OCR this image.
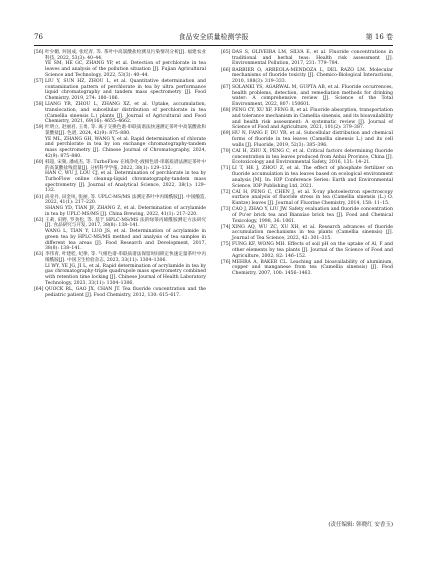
76	食品安全质量检测学报	第 16 卷
[56] 叶少媚, 何国成, 张纪青, 等. 茶叶中高氯酸盐检测及污染情况分析[J]. 福建农业科技, 2022, 53(3): 40–44.
YE SM, HE GC, ZHANG YP, et al. Detection of perchlorate in tea leaves and analysis of the pollution situation [J]. Fujian Agricultural Science and Technology, 2022, 53(3): 40–44.
[57] LIU Y, SUN HZ, ZHOU L, et al. Quantitative determination and contamination pattern of perchlorate in tea by ultra performance liquid chromatography and tandem mass spectrometry [J]. Food Chemistry, 2019, 274: 180–186.
[58] LIANG YR, ZHOU L, ZHANG XZ, et al. Uptake, accumulation, translocation, and subcellular distribution of perchlorate in tea (Camellia sinensis L.) plants [J]. Journal of Agricultural and Food Chemistry, 2021, 69(16): 4655–4662.
[59] 叶明立, 赵丽君, 王勇, 等. 离子交换色谱-串联质谱法快速测定茶叶中高氯酸盐和氯酸盐[J]. 色谱, 2024, 42(9): 875–880.
YE ML, ZHANG GH, WANG Y, et al. Rapid determination of chlorate and perchlorate in tea by ion exchange chromatography-tandem mass spectrometry [J]. Chinese Journal of Chromatography, 2024, 42(9): 875–880.
[60] 韩超, 宋频, 潘成杰, 等. TurboFlow 在线净化-液相色谱-串联质谱法测定茶叶中的高氯酸盐残留量[J]. 分析科学学报, 2022, 38(1): 129–132.
HAN C, WU J, LOU CJ, et al. Determination of perchlorate in tea by TurboFlow online cleanup-liquid chromatography-tandem mass spectrometry [J]. Journal of Analytical Science, 2022, 38(1): 129–132.
[61] 尚亚丹, 田金凤, 张丽, 等. UPLC-MS/MS 法测定茶叶中丙烯酰胺[J]. 中国酿造, 2022, 41(1): 217–220.
SHANG YD, TIAN JF, ZHANG Z, et al. Determination of acrylamide in tea by UPLC-MS/MS [J]. China Brewing, 2022, 41(1): 217–220.
[62] 王莉, 田野, 罗劲松, 等. 基于 HPLC-MS/MS 法的绿茶丙烯酰胺测定方法研究[J]. 食品研究与开发, 2017, 38(8): 138–141.
WANG L, TIAN Y, LUO JS, et al. Determination of acrylamide in green tea by HPLC-MS/MS method and analysis of tea samples in different tea areas [J]. Food Research and Development, 2017, 38(8): 138–141.
[63] 李伟青, 叶建桂, 纪律, 等. 气相色谱-串联质谱法保留时间锁定快速定量茶叶中丙烯酰胺[J]. 中国卫生检验杂志, 2023, 33(11): 1304–1306.
LI WY, YE JG, JI L, et al. Rapid determination of acrylamide in tea by gas chromatography-triple quadrupole mass spectrometry combined with retention time locking [J]. Chinese Journal of Health Laboratory Technology, 2023, 33(11): 1304–1306.
[64] QUOCK RL, GAO JX, CHAN JT. Tea fluoride concentration and the pediatric patient [J]. Food Chemistry, 2012, 130: 615–617.
[65] DAS S, OLIVEIRA LM, SILVA E, et al. Fluoride concentrations in traditional and herbal teas: Health risk assessment [J]. Environmental Pollution, 2017, 231: 779–784.
[66] BARBIER O, ARREOLA-MENDOZA L, DEL RAZO LM. Molecular mechanisms of fluoride toxicity [J]. Chemico-Biological Interactions, 2010, 188(3): 319–333.
[67] SOLANKI YS, AGARWAL M, GUPTA AB, et al. Fluoride occurrences, health problems, detection, and remediation methods for drinking water: A comprehensive review [J]. Science of the Total Environment, 2022, 807: 150601.
[68] PENG CY, XU XF, FENG R, et al. Fluoride absorption, transportation and tolerance mechanism in Camellia sinensis, and its bioavailability and health risk assessment: A systematic review [J]. Journal of Science of Food and Agriculture, 2021, 101(2): 379–387.
[69] HU N, FANG F, DU YR, et al. Subcellular distribution and chemical forms of fluoride in tea leaves (Camellia sinensis L.) and its cell walls [J]. Fluoride, 2019, 52(3): 385–396.
[70] CAI H, ZHU X, PENG C, et al. Critical factors determining fluoride concentration in tea leaves produced from Anhui Province, China [J]. Ecotoxicology and Environmental Safety, 2016, 131: 14–21.
[71] LI T, HE J, ZHOU Z, et al. The effect of phosphate fertilizer on fluoride accumulation in tea leaves based on ecological environment analysis [M]. In: IOP Conference Series: Earth and Environmental Science. IOP Publishing Ltd, 2021.
[72] CAI H, PENG C, CHEN J, et al. X-ray photoelectron spectroscopy surface analysis of fluoride stress in tea (Camellia sinensis (L.) O. Kuntze) leaves [J]. Journal of Fluorine Chemistry, 2014, 158: 11–15.
[73] CAO J, ZHAO Y, LIU JW. Safety evaluation and fluoride concentration of Pu'er brick tea and Bianxiao brick tea [J]. Food and Chemical Toxicology, 1998, 36: 1061.
[74] XING AQ, WU ZC, XU XH, et al. Research advances of fluoride accumulation mechanisms in tea plants (Camellia sinensis) [J]. Journal of Tea Science, 2022, 42: 301–315.
[75] FUNG KF, WONG MH. Effects of soil pH on the uptake of Al, F and other elements by tea plants [J]. Journal of the Science of Food and Agriculture, 2002, 82: 146–152.
[76] MEHRA A, BAKER CL. Leaching and bioavailability of aluminium, copper and manganese from tea (Camellia sinensis) [J]. Food Chemistry, 2007, 100: 1456–1463.
(责任编辑: 韩晓红 安香玉)
